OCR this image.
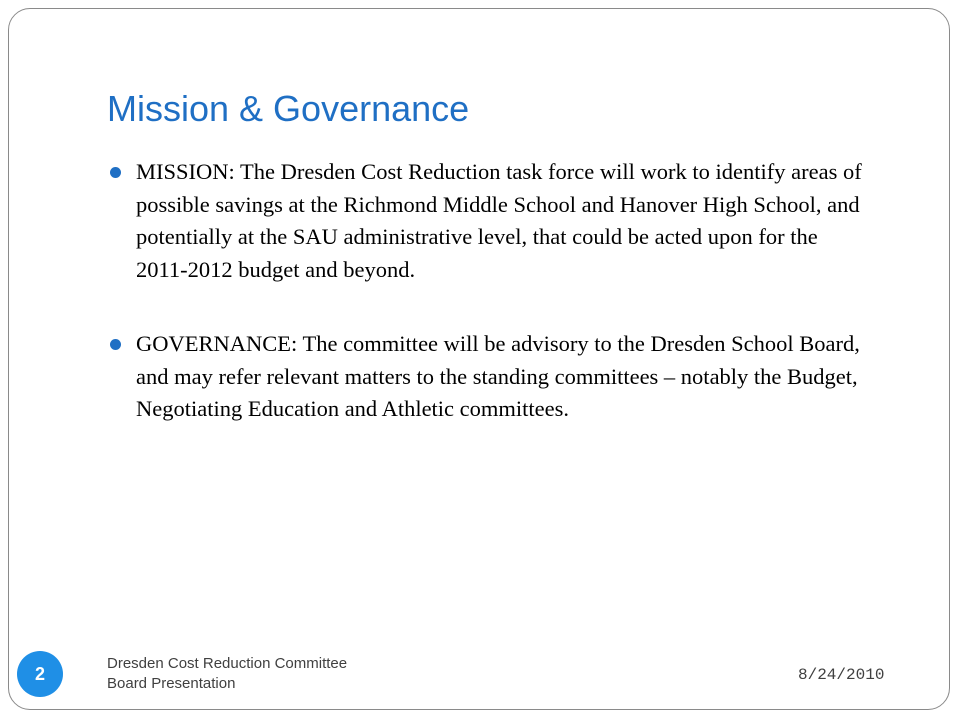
Mission & Governance
MISSION: The Dresden Cost Reduction task force will work to identify areas of possible savings at the Richmond Middle School and Hanover High School, and potentially at the SAU administrative level, that could be acted upon for the 2011-2012 budget and beyond.
GOVERNANCE: The committee will be advisory to the Dresden School Board, and may refer relevant matters to the standing committees – notably the Budget, Negotiating Education and Athletic committees.
2
Dresden Cost Reduction Committee
Board Presentation	8/24/2010
